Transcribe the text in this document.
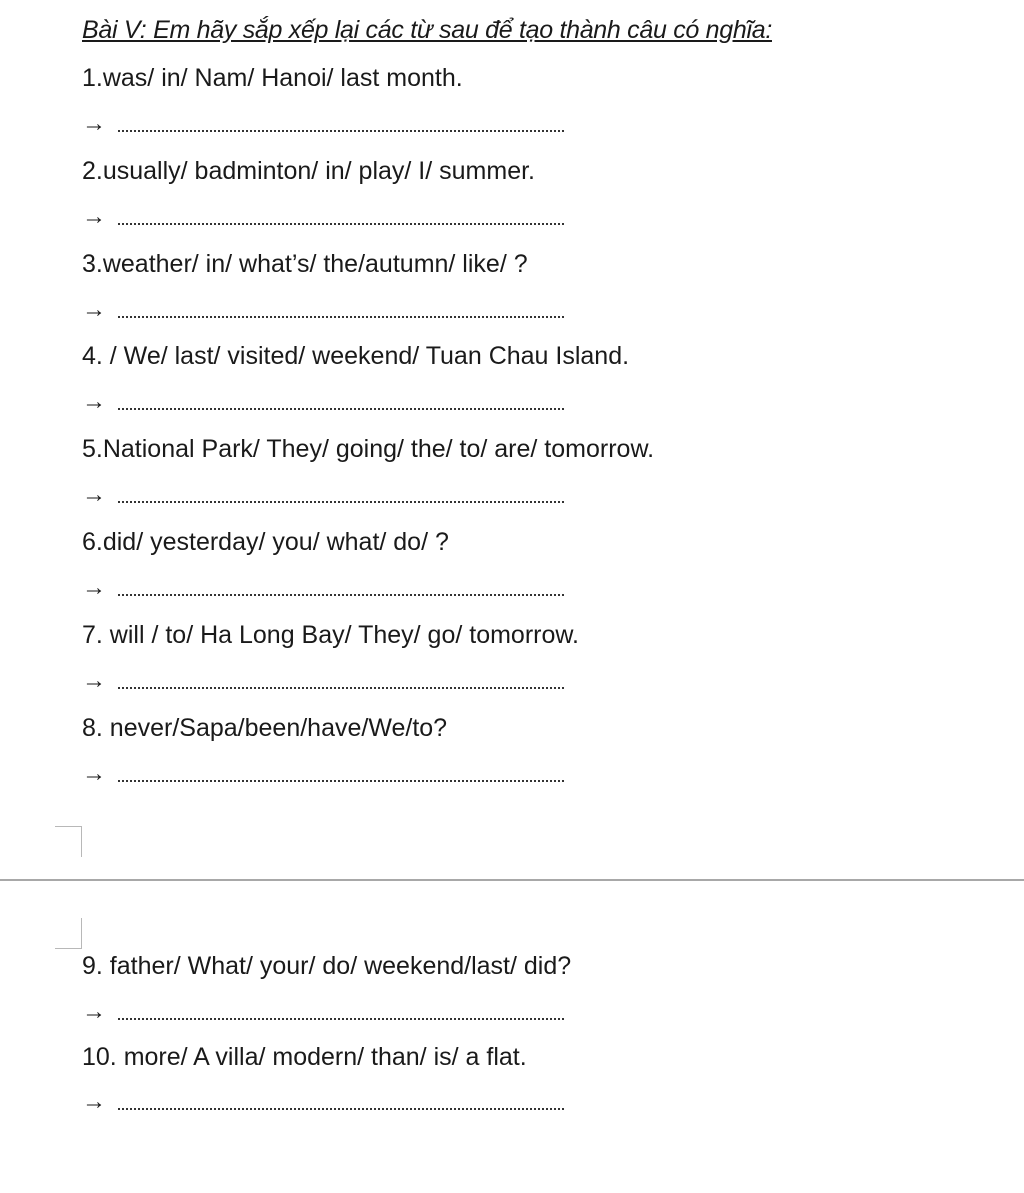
Bài V: Em hãy sắp xếp lại các từ sau để tạo thành câu có nghĩa:
1.was/ in/ Nam/ Hanoi/ last month.
→
2.usually/ badminton/ in/ play/ I/ summer.
→
3.weather/ in/ what’s/ the/autumn/ like/ ?
→
4. / We/ last/ visited/ weekend/ Tuan Chau Island.
→
5.National Park/ They/ going/ the/ to/ are/ tomorrow.
→
6.did/ yesterday/ you/ what/ do/ ?
→
7. will / to/ Ha Long Bay/ They/ go/ tomorrow.
→
8. never/Sapa/been/have/We/to?
→
9. father/ What/ your/ do/ weekend/last/ did?
→
10. more/ A villa/ modern/ than/ is/ a flat.
→
